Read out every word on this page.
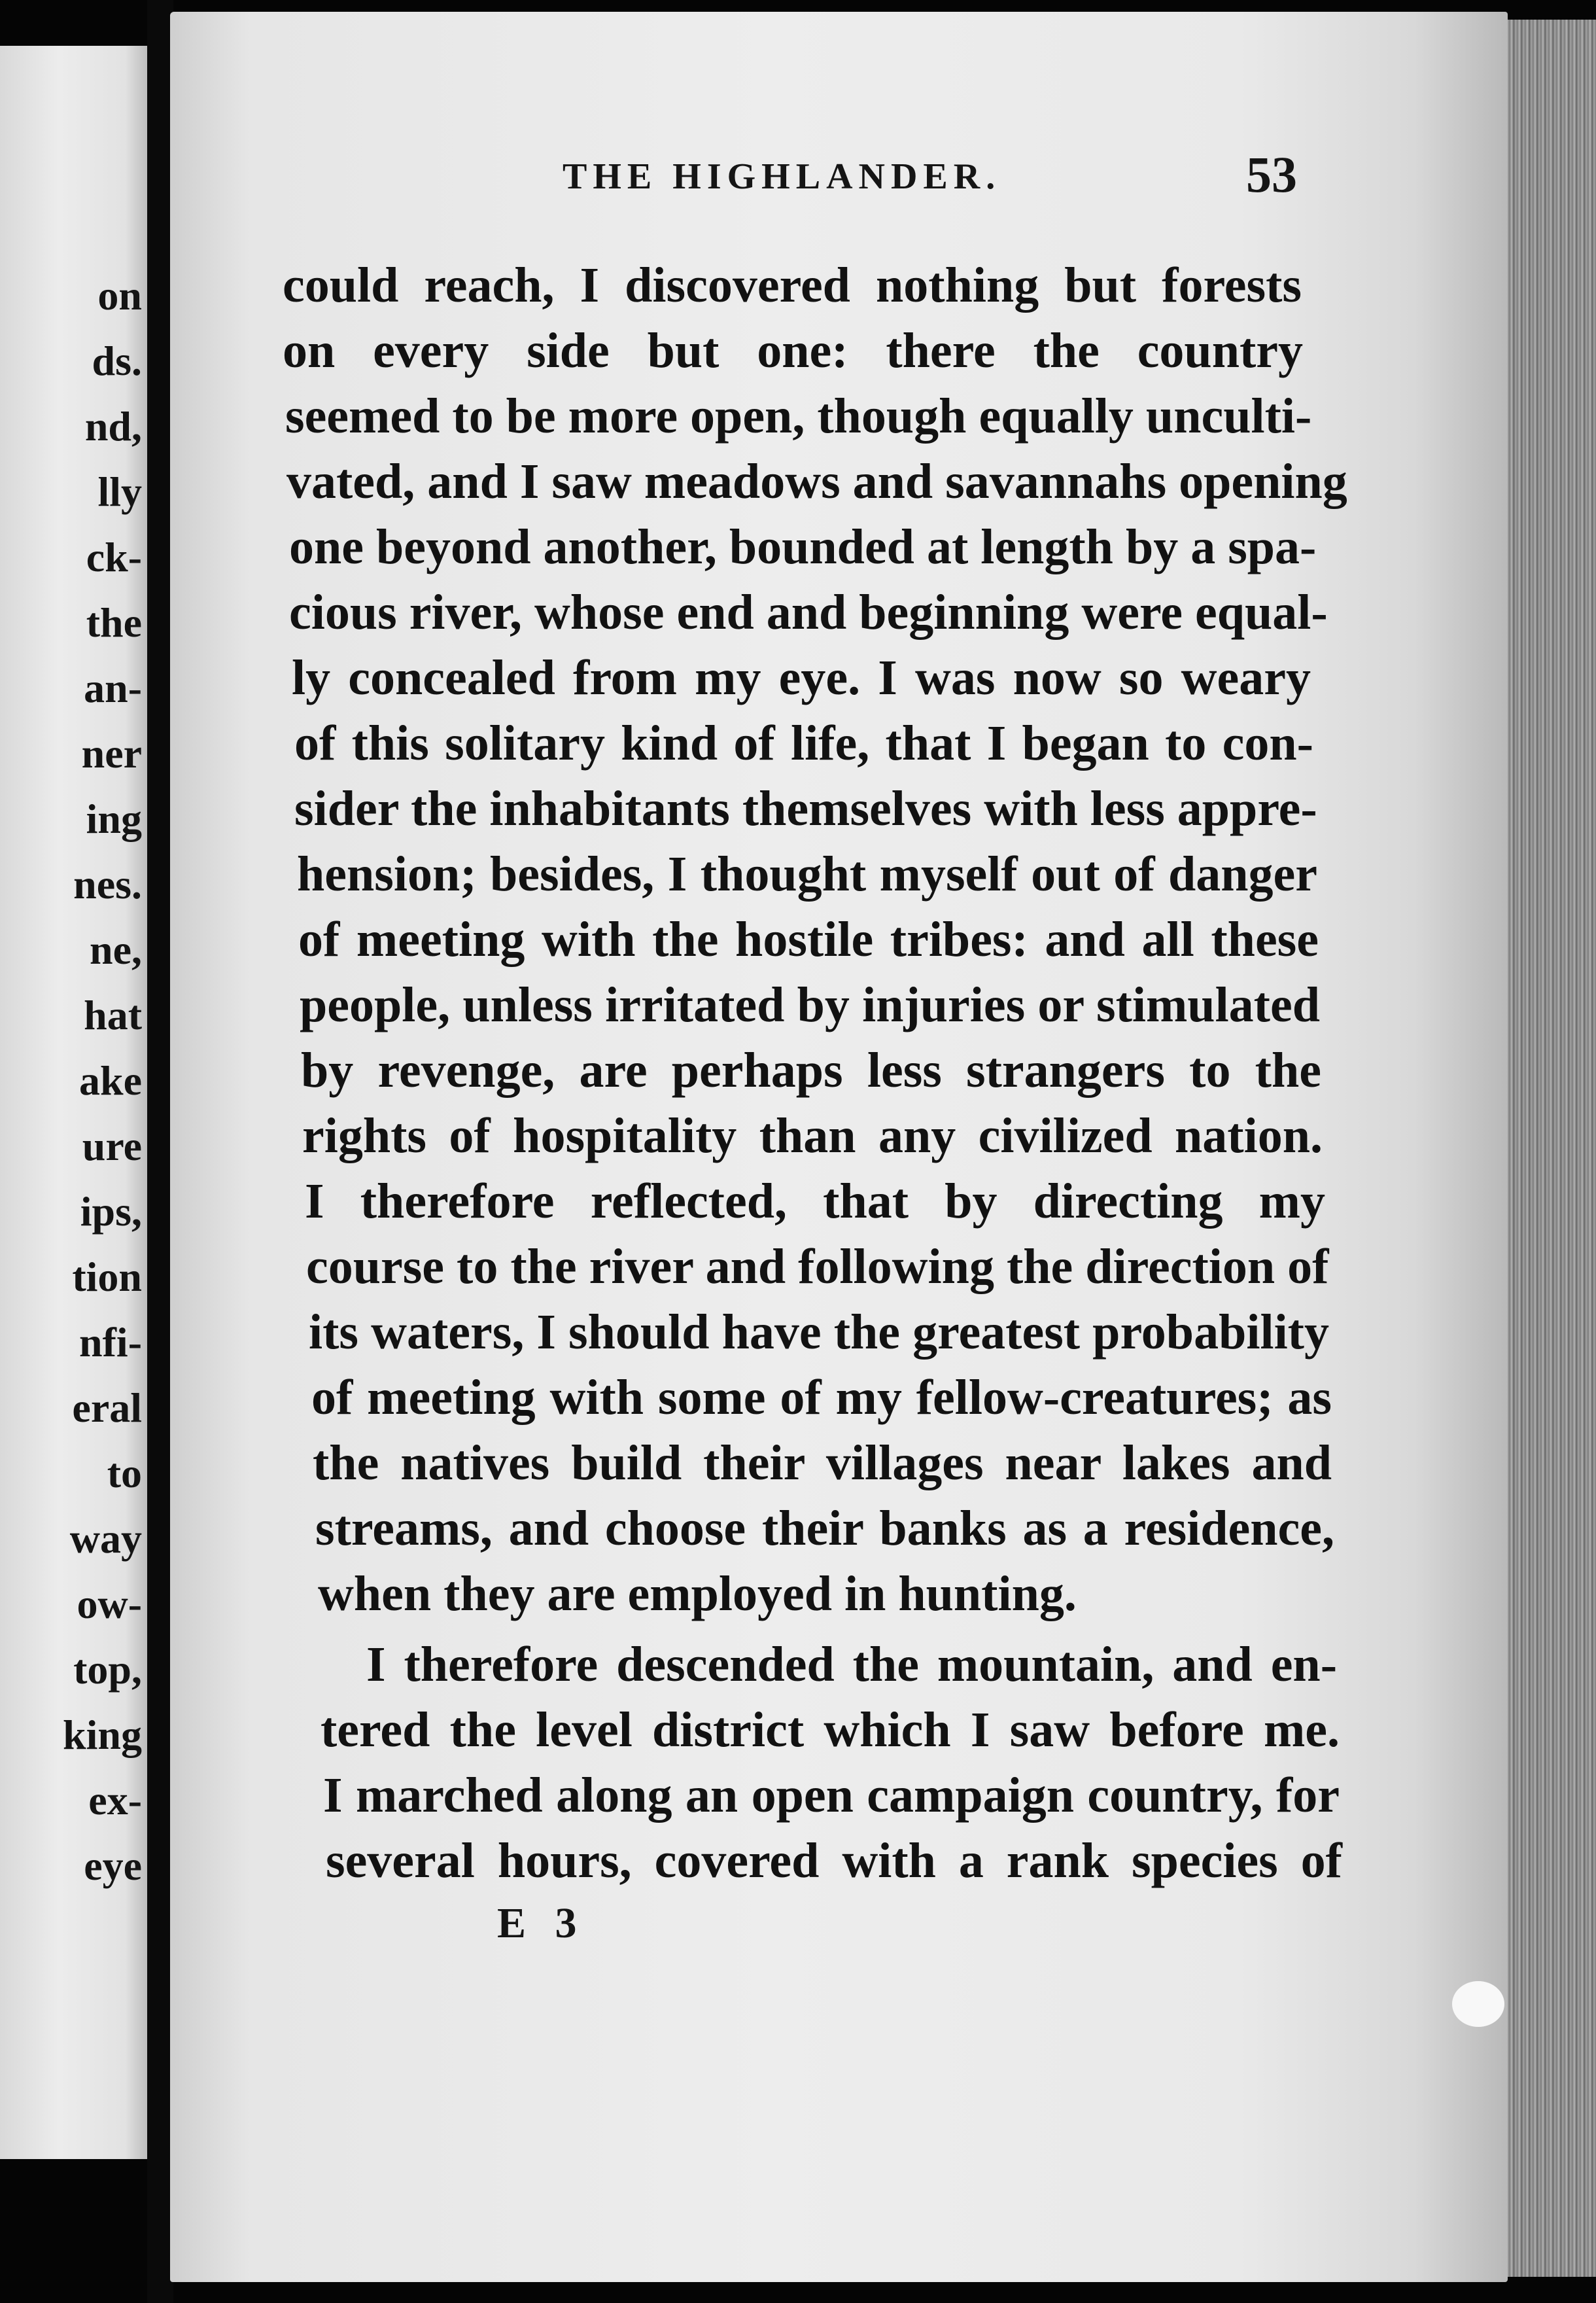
on
ds.
nd,
lly
ck-
the
an-
ner
ing
nes.
ne,
hat
ake
ure
ips,
tion
nfi-
eral
to
way
ow-
top,
king
ex-
eye
THE HIGHLANDER.	53
could reach, I discovered nothing but forests
on every side but one: there the country
seemed to be more open, though equally unculti-
vated, and I saw meadows and savannahs opening
one beyond another, bounded at length by a spa-
cious river, whose end and beginning were equal-
ly concealed from my eye. I was now so weary
of this solitary kind of life, that I began to con-
sider the inhabitants themselves with less appre-
hension; besides, I thought myself out of danger
of meeting with the hostile tribes: and all these
people, unless irritated by injuries or stimulated
by revenge, are perhaps less strangers to the
rights of hospitality than any civilized nation.
I therefore reflected, that by directing my
course to the river and following the direction of
its waters, I should have the greatest probability
of meeting with some of my fellow-creatures; as
the natives build their villages near lakes and
streams, and choose their banks as a residence,
when they are employed in hunting.
I therefore descended the mountain, and en-
tered the level district which I saw before me.
I marched along an open campaign country, for
several hours, covered with a rank species of
E 3
